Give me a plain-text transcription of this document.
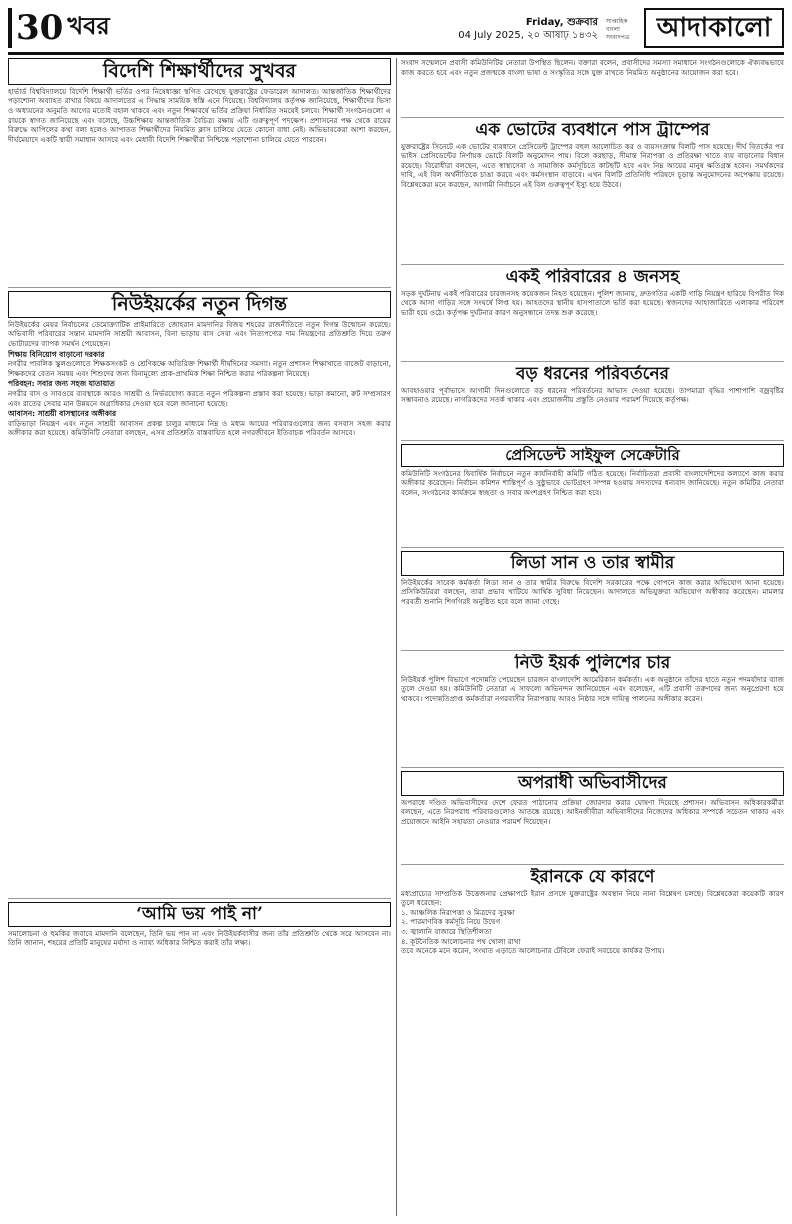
30 খবর	Friday, শুক্রবার
04 July 2025, ২০ আষাঢ় ১৪৩২
সাপ্তাহিক বাংলা সংবাদপত্র	আদাকালো
বিদেশি শিক্ষার্থীদের সুখবর

হার্ভার্ড বিশ্ববিদ্যালয়ে বিদেশি শিক্ষার্থী ভর্তির ওপর নিষেধাজ্ঞা স্থগিত রেখেছে যুক্তরাষ্ট্রের ফেডারেল আদালত। আন্তর্জাতিক শিক্ষার্থীদের পড়াশোনা অব্যাহত রাখার বিষয়ে আদালতের এ সিদ্ধান্ত সাময়িক স্বস্তি এনে দিয়েছে। বিশ্ববিদ্যালয় কর্তৃপক্ষ জানিয়েছে, শিক্ষার্থীদের ভিসা ও অধ্যয়নের অনুমতি আগের মতোই বহাল থাকবে এবং নতুন শিক্ষাবর্ষে ভর্তির প্রক্রিয়া নির্ধারিত সময়েই চলবে। শিক্ষার্থী সংগঠনগুলো এ রায়কে স্বাগত জানিয়েছে এবং বলেছে, উচ্চশিক্ষায় আন্তর্জাতিক বৈচিত্র্য রক্ষায় এটি গুরুত্বপূর্ণ পদক্ষেপ। প্রশাসনের পক্ষ থেকে রায়ের বিরুদ্ধে আপিলের কথা বলা হলেও আপাতত শিক্ষার্থীদের নিয়মিত ক্লাস চালিয়ে যেতে কোনো বাধা নেই। অভিভাবকেরা আশা করছেন, দীর্ঘমেয়াদে একটি স্থায়ী সমাধান আসবে এবং মেধাবী বিদেশি শিক্ষার্থীরা নিশ্চিন্তে পড়াশোনা চালিয়ে যেতে পারবেন।

নিউইয়র্কের নতুন দিগন্ত

নিউইয়র্কের মেয়র নির্বাচনের ডেমোক্র্যাটিক প্রাইমারিতে জোহরান মামদানির বিজয় শহরের রাজনীতিতে নতুন দিগন্ত উন্মোচন করেছে। অভিবাসী পরিবারের সন্তান মামদানি সাশ্রয়ী আবাসন, বিনা ভাড়ায় বাস সেবা এবং নিত্যপণ্যের দাম নিয়ন্ত্রণের প্রতিশ্রুতি দিয়ে তরুণ ভোটারদের ব্যাপক সমর্থন পেয়েছেন।

শিক্ষায় বিনিয়োগ বাড়ানো দরকার

নগরীর পাবলিক স্কুলগুলোতে শিক্ষকসংকট ও শ্রেণিকক্ষে অতিরিক্ত শিক্ষার্থী দীর্ঘদিনের সমস্যা। নতুন প্রশাসন শিক্ষাখাতে বাজেট বাড়ানো, শিক্ষকদের বেতন সমন্বয় এবং শিশুদের জন্য বিনামূল্যে প্রাক-প্রাথমিক শিক্ষা নিশ্চিত করার পরিকল্পনা নিয়েছে।

পরিবহন: সবার জন্য সহজ যাতায়াত

নগরীর বাস ও সাবওয়ে ব্যবস্থাকে আরও সাশ্রয়ী ও নির্ভরযোগ্য করতে নতুন পরিকল্পনা প্রস্তাব করা হয়েছে। ভাড়া কমানো, রুট সম্প্রসারণ এবং রাতের সেবার মান উন্নয়নে অগ্রাধিকার দেওয়া হবে বলে জানানো হয়েছে।

আবাসন: সাশ্রয়ী বাসস্থানের অঙ্গীকার

বাড়িভাড়া নিয়ন্ত্রণ এবং নতুন সাশ্রয়ী আবাসন প্রকল্প চালুর মাধ্যমে নিম্ন ও মধ্যম আয়ের পরিবারগুলোর জন্য বসবাস সহজ করার অঙ্গীকার করা হয়েছে। কমিউনিটি নেতারা বলছেন, এসব প্রতিশ্রুতি বাস্তবায়িত হলে নগরজীবনে ইতিবাচক পরিবর্তন আসবে।

‘আমি ভয় পাই না’

সমালোচনা ও হুমকির জবাবে মামদানি বলেছেন, তিনি ভয় পান না এবং নিউইয়র্কবাসীর জন্য তাঁর প্রতিশ্রুতি থেকে সরে আসবেন না। তিনি জানান, শহরের প্রতিটি মানুষের মর্যাদা ও ন্যায্য অধিকার নিশ্চিত করাই তাঁর লক্ষ্য।

সংবাদ সম্মেলনে প্রবাসী কমিউনিটির নেতারা উপস্থিত ছিলেন। বক্তারা বলেন, প্রবাসীদের সমস্যা সমাধানে সংগঠনগুলোকে ঐক্যবদ্ধভাবে কাজ করতে হবে এবং নতুন প্রজন্মকে বাংলা ভাষা ও সংস্কৃতির সঙ্গে যুক্ত রাখতে নিয়মিত অনুষ্ঠানের আয়োজন করা হবে।

এক ভোটের ব্যবধানে পাস ট্রাম্পের

যুক্তরাষ্ট্রের সিনেটে এক ভোটের ব্যবধানে প্রেসিডেন্ট ট্রাম্পের বহুল আলোচিত কর ও ব্যয়সংক্রান্ত বিলটি পাস হয়েছে। দীর্ঘ বিতর্কের পর ভাইস প্রেসিডেন্টের নির্ণায়ক ভোটে বিলটি অনুমোদন পায়। বিলে করছাড়, সীমান্ত নিরাপত্তা ও প্রতিরক্ষা খাতে ব্যয় বাড়ানোর বিধান রয়েছে। বিরোধীরা বলছেন, এতে স্বাস্থ্যসেবা ও সামাজিক কর্মসূচিতে কাটছাঁট হবে এবং নিম্ন আয়ের মানুষ ক্ষতিগ্রস্ত হবেন। সমর্থকদের দাবি, এই বিল অর্থনীতিকে চাঙা করবে এবং কর্মসংস্থান বাড়াবে। এখন বিলটি প্রতিনিধি পরিষদে চূড়ান্ত অনুমোদনের অপেক্ষায় রয়েছে। বিশ্লেষকেরা মনে করছেন, আগামী নির্বাচনে এই বিল গুরুত্বপূর্ণ ইস্যু হয়ে উঠবে।

একই পরিবারের ৪ জনসহ

সড়ক দুর্ঘটনায় একই পরিবারের চারজনসহ কয়েকজন নিহত হয়েছেন। পুলিশ জানায়, দ্রুতগতির একটি গাড়ি নিয়ন্ত্রণ হারিয়ে বিপরীত দিক থেকে আসা গাড়ির সঙ্গে সংঘর্ষে লিপ্ত হয়। আহতদের স্থানীয় হাসপাতালে ভর্তি করা হয়েছে। স্বজনদের আহাজারিতে এলাকার পরিবেশ ভারী হয়ে ওঠে। কর্তৃপক্ষ দুর্ঘটনার কারণ অনুসন্ধানে তদন্ত শুরু করেছে।

বড় ধরনের পরিবর্তনের

আবহাওয়ার পূর্বাভাসে আগামী দিনগুলোতে বড় ধরনের পরিবর্তনের আভাস দেওয়া হয়েছে। তাপমাত্রা বৃদ্ধির পাশাপাশি বজ্রবৃষ্টির সম্ভাবনাও রয়েছে। নাগরিকদের সতর্ক থাকার এবং প্রয়োজনীয় প্রস্তুতি নেওয়ার পরামর্শ দিয়েছে কর্তৃপক্ষ।

প্রেসিডেন্ট সাইফুল সেক্রেটারি

কমিউনিটি সংগঠনের দ্বিবার্ষিক নির্বাচনে নতুন কার্যনির্বাহী কমিটি গঠিত হয়েছে। নির্বাচিতরা প্রবাসী বাংলাদেশিদের কল্যাণে কাজ করার অঙ্গীকার করেছেন। নির্বাচন কমিশন শান্তিপূর্ণ ও সুষ্ঠুভাবে ভোটগ্রহণ সম্পন্ন হওয়ায় সদস্যদের ধন্যবাদ জানিয়েছে। নতুন কমিটির নেতারা বলেন, সংগঠনের কার্যক্রমে স্বচ্ছতা ও সবার অংশগ্রহণ নিশ্চিত করা হবে।

লিডা সান ও তার স্বামীর

নিউইয়র্কের সাবেক কর্মকর্তা লিডা সান ও তার স্বামীর বিরুদ্ধে বিদেশি সরকারের পক্ষে গোপনে কাজ করার অভিযোগ আনা হয়েছে। প্রসিকিউটররা বলছেন, তারা প্রভাব খাটিয়ে আর্থিক সুবিধা নিয়েছেন। আদালতে অভিযুক্তরা অভিযোগ অস্বীকার করেছেন। মামলার পরবর্তী শুনানি শিগগিরই অনুষ্ঠিত হবে বলে জানা গেছে।

নিউ ইয়র্ক পুলিশের চার

নিউইয়র্ক পুলিশ বিভাগে পদোন্নতি পেয়েছেন চারজন বাংলাদেশি আমেরিকান কর্মকর্তা। এক অনুষ্ঠানে তাঁদের হাতে নতুন পদমর্যাদার ব্যাজ তুলে দেওয়া হয়। কমিউনিটি নেতারা এ সাফল্যে অভিনন্দন জানিয়েছেন এবং বলেছেন, এটি প্রবাসী তরুণদের জন্য অনুপ্রেরণা হয়ে থাকবে। পদোন্নতিপ্রাপ্ত কর্মকর্তারা নগরবাসীর নিরাপত্তায় আরও নিষ্ঠার সঙ্গে দায়িত্ব পালনের অঙ্গীকার করেন।

অপরাধী অভিবাসীদের

অপরাধে দণ্ডিত অভিবাসীদের দেশে ফেরত পাঠানোর প্রক্রিয়া জোরদার করার ঘোষণা দিয়েছে প্রশাসন। অভিবাসন অধিকারকর্মীরা বলছেন, এতে নিরপরাধ পরিবারগুলোও আতঙ্কে রয়েছে। আইনজীবীরা অভিবাসীদের নিজেদের অধিকার সম্পর্কে সচেতন থাকার এবং প্রয়োজনে আইনি সহায়তা নেওয়ার পরামর্শ দিয়েছেন।

ইরানকে যে কারণে

মধ্যপ্রাচ্যের সাম্প্রতিক উত্তেজনার প্রেক্ষাপটে ইরান প্রসঙ্গে যুক্তরাষ্ট্রের অবস্থান নিয়ে নানা বিশ্লেষণ চলছে। বিশ্লেষকেরা কয়েকটি কারণ তুলে ধরেছেন:

১. আঞ্চলিক নিরাপত্তা ও মিত্রদের সুরক্ষা

২. পারমাণবিক কর্মসূচি নিয়ে উদ্বেগ

৩. জ্বালানি বাজারে স্থিতিশীলতা

৪. কূটনৈতিক আলোচনার পথ খোলা রাখা

তবে অনেকে মনে করেন, সংঘাত এড়াতে আলোচনার টেবিলে ফেরাই সবচেয়ে কার্যকর উপায়।
